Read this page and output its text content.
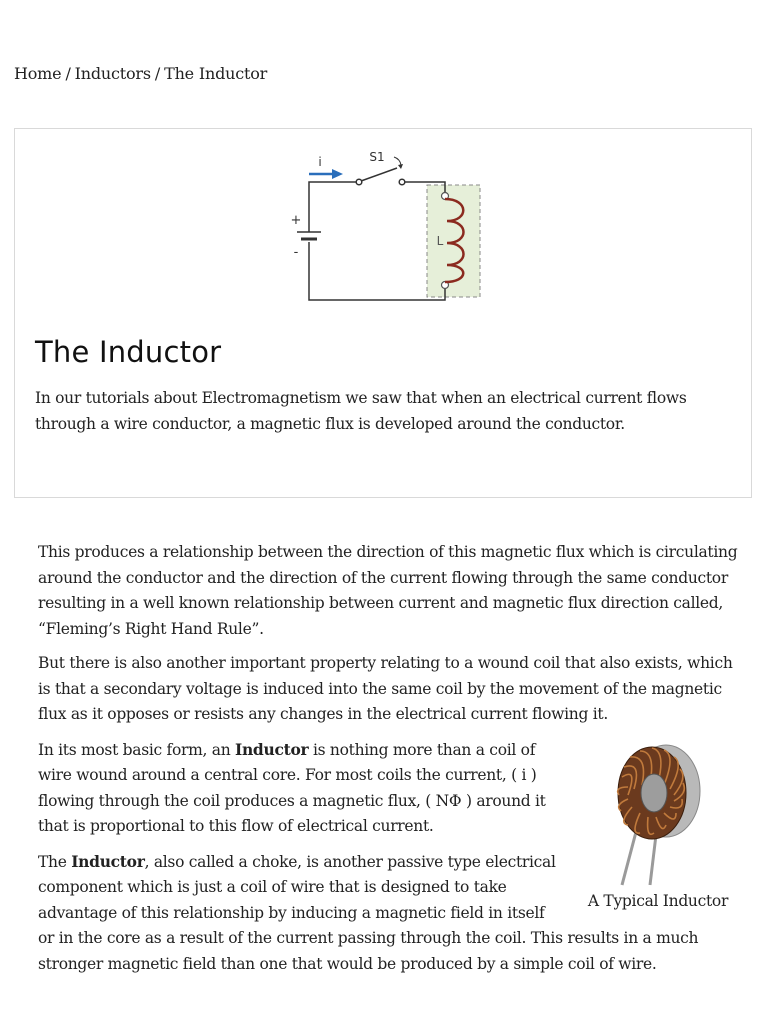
Home / Inductors / The Inductor
i	S1
+
-
L
The Inductor

In our tutorials about Electromagnetism we saw that when an electrical current flows through a wire conductor, a magnetic flux is developed around the conductor.

This produces a relationship between the direction of this magnetic flux which is circulating around the conductor and the direction of the current flowing through the same conductor resulting in a well known relationship between current and magnetic flux direction called, “Fleming’s Right Hand Rule”.

But there is also another important property relating to a wound coil that also exists, which is that a secondary voltage is induced into the same coil by the movement of the magnetic flux as it opposes or resists any changes in the electrical current flowing it.

A Typical Inductor

In its most basic form, an Inductor is nothing more than a coil of wire wound around a central core. For most coils the current, ( i ) flowing through the coil produces a magnetic flux, ( NΦ ) around it that is proportional to this flow of electrical current.

The Inductor, also called a choke, is another passive type electrical component which is just a coil of wire that is designed to take advantage of this relationship by inducing a magnetic field in itself or in the core as a result of the current passing through the coil. This results in a much stronger magnetic field than one that would be produced by a simple coil of wire.
